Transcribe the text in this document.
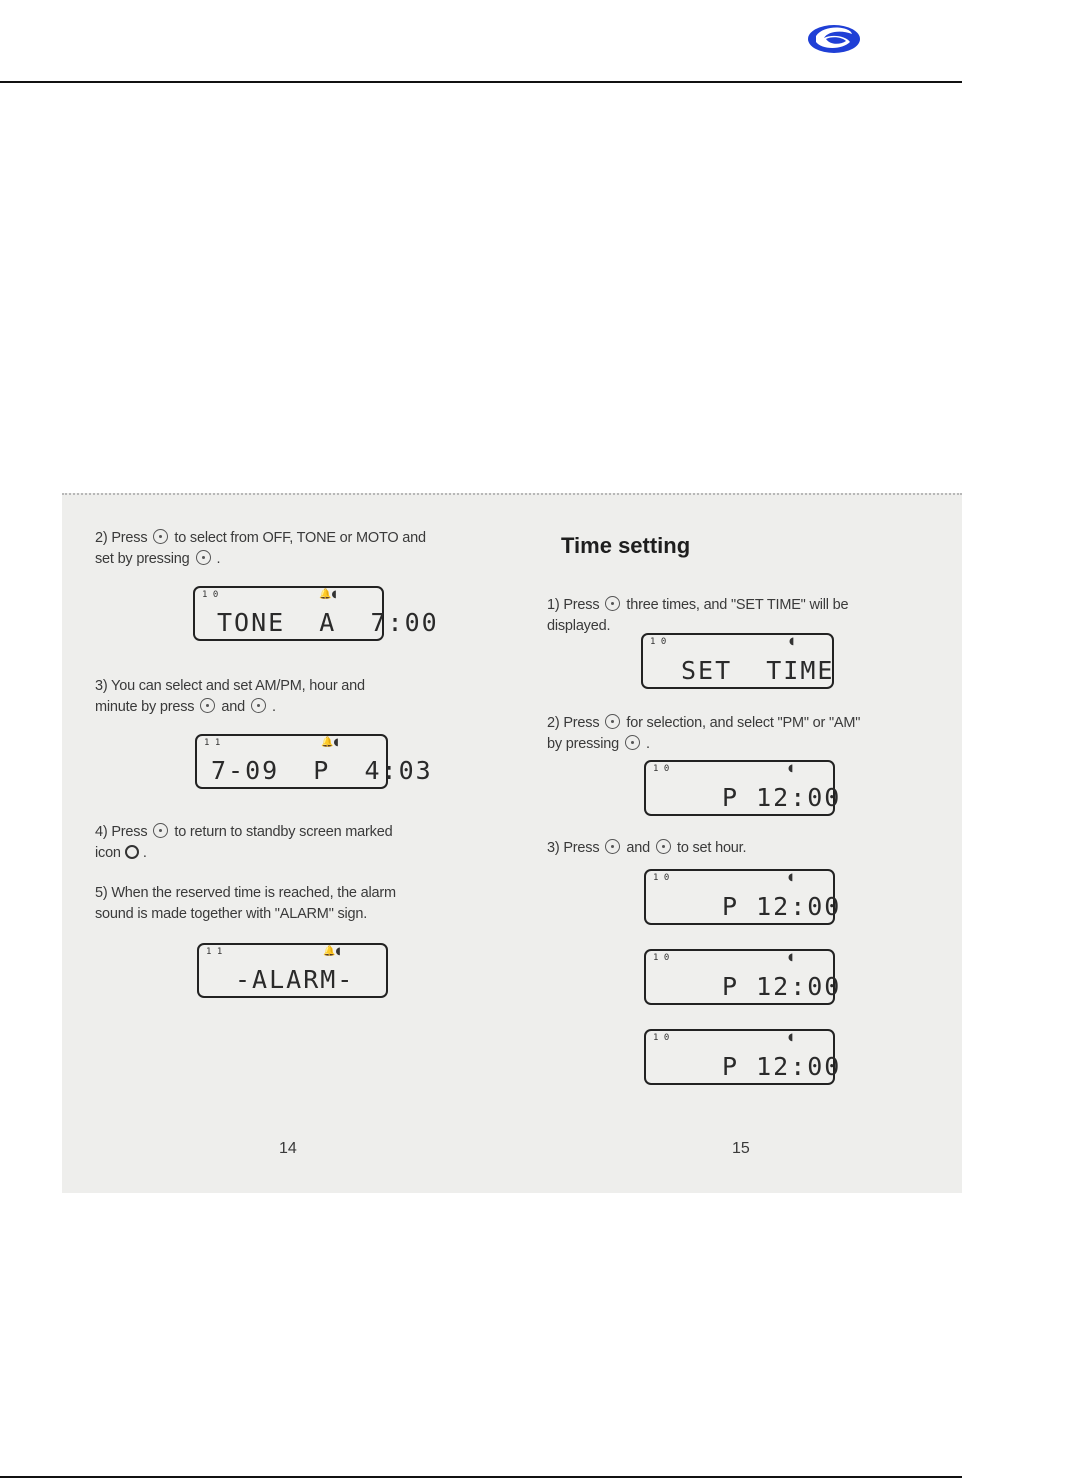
2) Press to select from OFF, TONE or MOTO and
set by pressing .
1 0	🔔◖
TONE  A  7:00
3) You can select and set AM/PM, hour and
minute by press and .
1 1	🔔◖
7-09  P  4:03
4) Press to return to standby screen marked
icon .
5) When the reserved time is reached, the alarm
sound is made together with "ALARM" sign.
1 1	🔔◖
-ALARM-
14
Time setting
1) Press three times, and "SET TIME" will be
displayed.
1 0	◖
SET  TIME
2) Press for selection, and select "PM" or "AM"
by pressing .
1 0	◖
P 12:00
3) Press and to set hour.
1 0	◖
P 12:00
1 0	◖
P 12:00
1 0	◖
P 12:00
15
